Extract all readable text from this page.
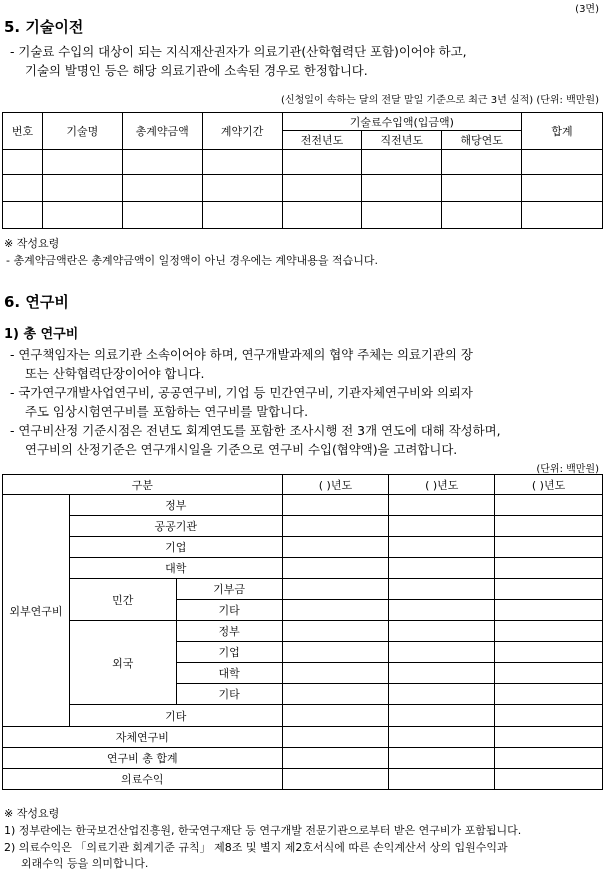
(3면)
5. 기술이전
- 기술료 수입의 대상이 되는 지식재산권자가 의료기관(산학협력단 포함)이어야 하고,
기술의 발명인 등은 해당 의료기관에 소속된 경우로 한정합니다.
(신청일이 속하는 달의 전달 말일 기준으로 최근 3년 실적) (단위: 백만원)
번호	기술명	총계약금액	계약기간	기술료수입액(입금액)			합계
				전전년도	직전년도	해당연도	

※ 작성요령
- 총계약금액란은 총계약금액이 일정액이 아닌 경우에는 계약내용을 적습니다.
6. 연구비
1) 총 연구비
- 연구책임자는 의료기관 소속이어야 하며, 연구개발과제의 협약 주체는 의료기관의 장
또는 산학협력단장이어야 합니다.
- 국가연구개발사업연구비, 공공연구비, 기업 등 민간연구비, 기관자체연구비와 의뢰자
주도 임상시험연구비를 포함하는 연구비를 말합니다.
- 연구비산정 기준시점은 전년도 회계연도를 포함한 조사시행 전 3개 연도에 대해 작성하며,
연구비의 산정기준은 연구개시일을 기준으로 연구비 수입(협약액)을 고려합니다.
(단위: 백만원)
구분			( )년도	( )년도	( )년도
외부연구비	정부				
	공공기관				
	기업				
	대학				
	민간	기부금			
		기타			
	외국	정부			
		기업			
		대학			
		기타			
	기타				
자체연구비					
연구비 총 합계					
의료수익					
※ 작성요령
1) 정부란에는 한국보건산업진흥원, 한국연구재단 등 연구개발 전문기관으로부터 받은 연구비가 포함됩니다.
2) 의료수익은 「의료기관 회계기준 규칙」 제8조 및 별지 제2호서식에 따른 손익계산서 상의 입원수익과
외래수익 등을 의미합니다.
